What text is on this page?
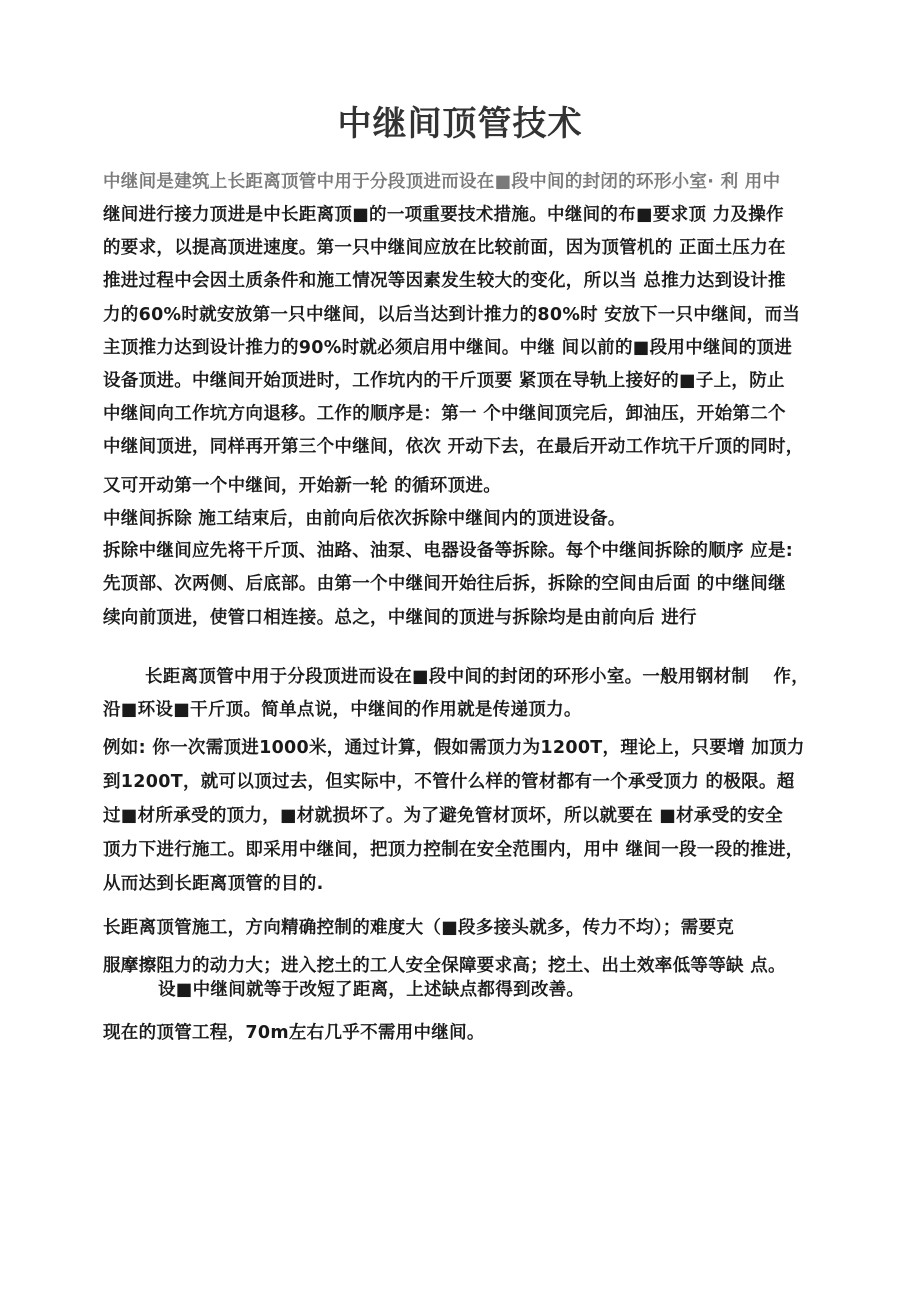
中继间顶管技术
中继间是建筑上长距离顶管中用于分段顶进而设在■段中间的封闭的环形小室· 利 用中
继间进行接力顶进是中长距离顶■的一项重要技术措施。中继间的布■要求顶 力及操作
的要求，以提高顶进速度。第一只中继间应放在比较前面，因为顶管机的 正面土压力在
推进过程中会因土质条件和施工情况等因素发生较大的变化，所以当 总推力达到设计推
力的60%时就安放第一只中继间，以后当达到计推力的80%时 安放下一只中继间，而当
主顶推力达到设计推力的90%时就必须启用中继间。中继 间以前的■段用中继间的顶进
设备顶进。中继间开始顶进时，工作坑内的干斤顶要 紧顶在导轨上接好的■子上，防止
中继间向工作坑方向退移。工作的顺序是：第一 个中继间顶完后，卸油压，开始第二个
中继间顶进，同样再开第三个中继间，依次 开动下去，在最后开动工作坑干斤顶的同时，
又可开动第一个中继间，开始新一轮 的循环顶进。
中继间拆除 施工结束后，由前向后依次拆除中继间内的顶进设备。
拆除中继间应先将干斤顶、油路、油泵、电器设备等拆除。每个中继间拆除的顺序 应是:
先顶部、次两侧、后底部。由第一个中继间开始往后拆，拆除的空间由后面 的中继间继
续向前顶进，使管口相连接。总之，中继间的顶进与拆除均是由前向后 进行
长距离顶管中用于分段顶进而设在■段中间的封闭的环形小室。一般用钢材制　 作，
沿■环设■干斤顶。简单点说，中继间的作用就是传递顶力。
例如: 你一次需顶进1000米，通过计算，假如需顶力为1200T，理论上，只要增 加顶力
到1200T，就可以顶过去，但实际中，不管什么样的管材都有一个承受顶力 的极限。超
过■材所承受的顶力，■材就损坏了。为了避免管材顶坏，所以就要在 ■材承受的安全
顶力下进行施工。即采用中继间，把顶力控制在安全范围内，用中 继间一段一段的推进，
从而达到长距离顶管的目的.
长距离顶管施工，方向精确控制的难度大（■段多接头就多，传力不均）；需要克
服摩擦阻力的动力大；进入挖土的工人安全保障要求高；挖土、出土效率低等等缺 点。
设■中继间就等于改短了距离，上述缺点都得到改善。
现在的顶管工程，70m左右几乎不需用中继间。
